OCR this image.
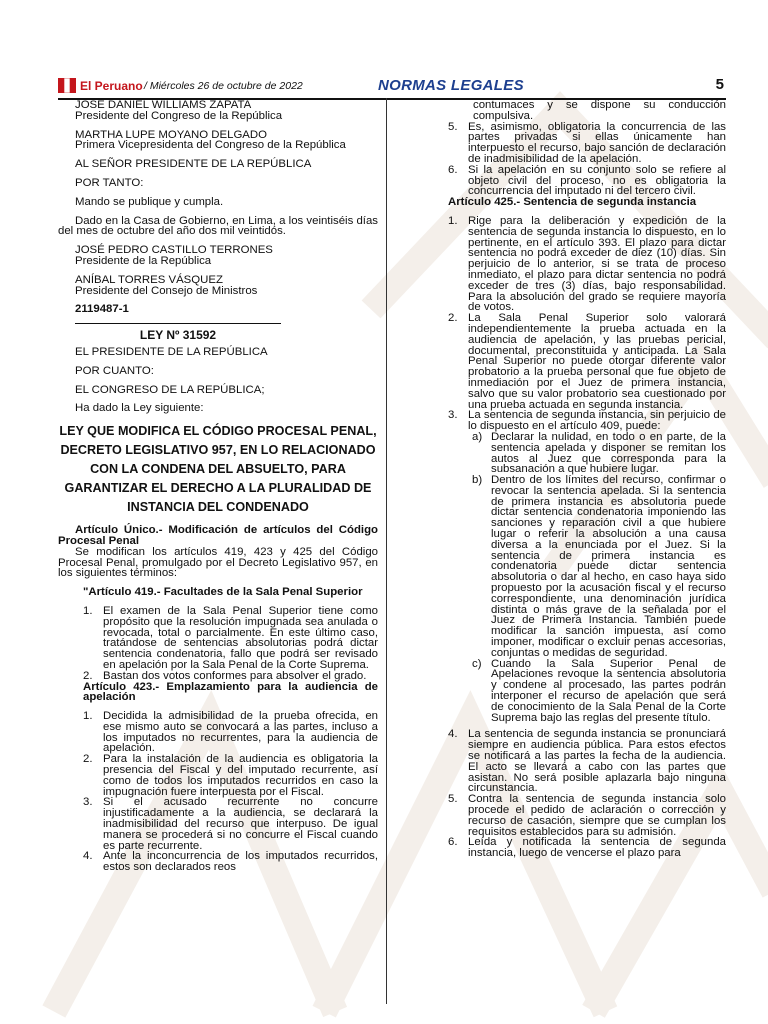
El Peruano / Miércoles 26 de octubre de 2022	NORMAS LEGALES	5

JOSÉ DANIEL WILLIAMS ZAPATA

Presidente del Congreso de la República

MARTHA LUPE MOYANO DELGADO

Primera Vicepresidenta del Congreso de la República

AL SEÑOR PRESIDENTE DE LA REPÚBLICA

POR TANTO:

Mando se publique y cumpla.

Dado en la Casa de Gobierno, en Lima, a los veintiséis días del mes de octubre del año dos mil veintidós.

JOSÉ PEDRO CASTILLO TERRONES

Presidente de la República

ANÍBAL TORRES VÁSQUEZ

Presidente del Consejo de Ministros

2119487-1

LEY Nº 31592

EL PRESIDENTE DE LA REPÚBLICA

POR CUANTO:

EL CONGRESO DE LA REPÚBLICA;

Ha dado la Ley siguiente:

LEY QUE MODIFICA EL CÓDIGO PROCESAL PENAL, DECRETO LEGISLATIVO 957, EN LO RELACIONADO CON LA CONDENA DEL ABSUELTO, PARA GARANTIZAR EL DERECHO A LA PLURALIDAD DE INSTANCIA DEL CONDENADO

Artículo Único.- Modificación de artículos del Código Procesal Penal

Se modifican los artículos 419, 423 y 425 del Código Procesal Penal, promulgado por el Decreto Legislativo 957, en los siguientes términos:

"Artículo 419.- Facultades de la Sala Penal Superior

1. El examen de la Sala Penal Superior tiene como propósito que la resolución impugnada sea anulada o revocada, total o parcialmente. En este último caso, tratándose de sentencias absolutorias podrá dictar sentencia condenatoria, fallo que podrá ser revisado en apelación por la Sala Penal de la Corte Suprema.
2. Bastan dos votos conformes para absolver el grado.

Artículo 423.- Emplazamiento para la audiencia de apelación

1. Decidida la admisibilidad de la prueba ofrecida, en ese mismo auto se convocará a las partes, incluso a los imputados no recurrentes, para la audiencia de apelación.
2. Para la instalación de la audiencia es obligatoria la presencia del Fiscal y del imputado recurrente, así como de todos los imputados recurridos en caso la impugnación fuere interpuesta por el Fiscal.
3. Si el acusado recurrente no concurre injustificadamente a la audiencia, se declarará la inadmisibilidad del recurso que interpuso. De igual manera se procederá si no concurre el Fiscal cuando es parte recurrente.
4. Ante la inconcurrencia de los imputados recurridos, estos son declarados reos

contumaces y se dispone su conducción compulsiva.

5. Es, asimismo, obligatoria la concurrencia de las partes privadas si ellas únicamente han interpuesto el recurso, bajo sanción de declaración de inadmisibilidad de la apelación.
6. Si la apelación en su conjunto solo se refiere al objeto civil del proceso, no es obligatoria la concurrencia del imputado ni del tercero civil.

Artículo 425.- Sentencia de segunda instancia

1. Rige para la deliberación y expedición de la sentencia de segunda instancia lo dispuesto, en lo pertinente, en el artículo 393. El plazo para dictar sentencia no podrá exceder de diez (10) días. Sin perjuicio de lo anterior, si se trata de proceso inmediato, el plazo para dictar sentencia no podrá exceder de tres (3) días, bajo responsabilidad. Para la absolución del grado se requiere mayoría de votos.
2. La Sala Penal Superior solo valorará independientemente la prueba actuada en la audiencia de apelación, y las pruebas pericial, documental, preconstituida y anticipada. La Sala Penal Superior no puede otorgar diferente valor probatorio a la prueba personal que fue objeto de inmediación por el Juez de primera instancia, salvo que su valor probatorio sea cuestionado por una prueba actuada en segunda instancia.
3. La sentencia de segunda instancia, sin perjuicio de lo dispuesto en el artículo 409, puede:
a) Declarar la nulidad, en todo o en parte, de la sentencia apelada y disponer se remitan los autos al Juez que corresponda para la subsanación a que hubiere lugar.
b) Dentro de los límites del recurso, confirmar o revocar la sentencia apelada. Si la sentencia de primera instancia es absolutoria puede dictar sentencia condenatoria imponiendo las sanciones y reparación civil a que hubiere lugar o referir la absolución a una causa diversa a la enunciada por el Juez. Si la sentencia de primera instancia es condenatoria puede dictar sentencia absolutoria o dar al hecho, en caso haya sido propuesto por la acusación fiscal y el recurso correspondiente, una denominación jurídica distinta o más grave de la señalada por el Juez de Primera Instancia. También puede modificar la sanción impuesta, así como imponer, modificar o excluir penas accesorias, conjuntas o medidas de seguridad.
c) Cuando la Sala Superior Penal de Apelaciones revoque la sentencia absolutoria y condene al procesado, las partes podrán interponer el recurso de apelación que será de conocimiento de la Sala Penal de la Corte Suprema bajo las reglas del presente título.
4. La sentencia de segunda instancia se pronunciará siempre en audiencia pública. Para estos efectos se notificará a las partes la fecha de la audiencia. El acto se llevará a cabo con las partes que asistan. No será posible aplazarla bajo ninguna circunstancia.
5. Contra la sentencia de segunda instancia solo procede el pedido de aclaración o corrección y recurso de casación, siempre que se cumplan los requisitos establecidos para su admisión.
6. Leída y notificada la sentencia de segunda instancia, luego de vencerse el plazo para
